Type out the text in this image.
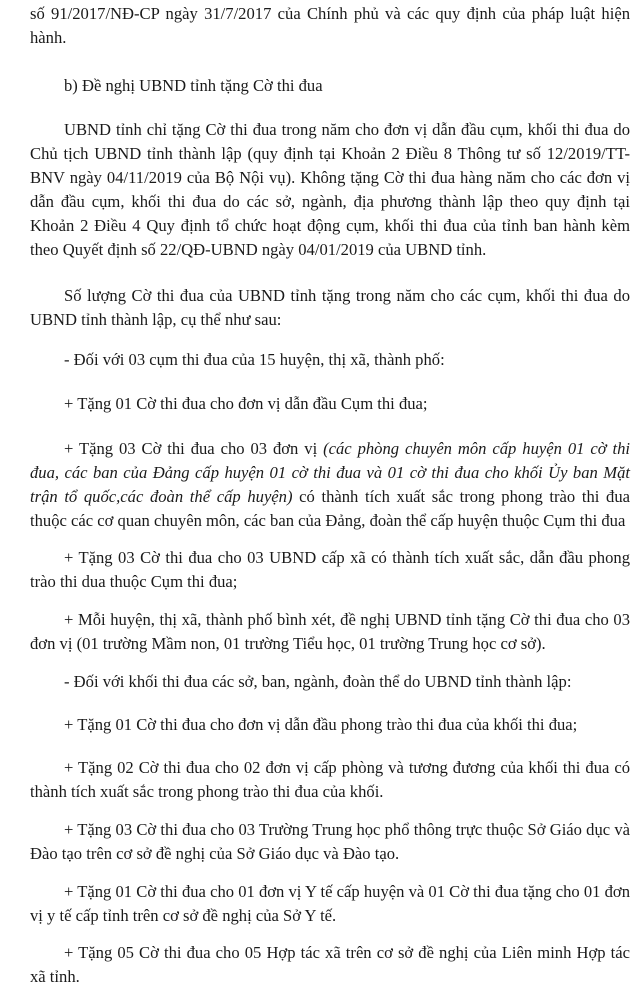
số 91/2017/NĐ-CP ngày 31/7/2017 của Chính phủ và các quy định của pháp luật hiện hành.

b) Đề nghị UBND tỉnh tặng Cờ thi đua

UBND tỉnh chỉ tặng Cờ thi đua trong năm cho đơn vị dẫn đầu cụm, khối thi đua do Chủ tịch UBND tỉnh thành lập (quy định tại Khoản 2 Điều 8 Thông tư số 12/2019/TT-BNV ngày 04/11/2019 của Bộ Nội vụ). Không tặng Cờ thi đua hàng năm cho các đơn vị dẫn đầu cụm, khối thi đua do các sở, ngành, địa phương thành lập theo quy định tại Khoản 2 Điều 4 Quy định tổ chức hoạt động cụm, khối thi đua của tỉnh ban hành kèm theo Quyết định số 22/QĐ-UBND ngày 04/01/2019 của UBND tỉnh.

Số lượng Cờ thi đua của UBND tỉnh tặng trong năm cho các cụm, khối thi đua do UBND tỉnh thành lập, cụ thể như sau:

- Đối với 03 cụm thi đua của 15 huyện, thị xã, thành phố:

+ Tặng 01 Cờ thi đua cho đơn vị dẫn đầu Cụm thi đua;

+ Tặng 03 Cờ thi đua cho 03 đơn vị (các phòng chuyên môn cấp huyện 01 cờ thi đua, các ban của Đảng cấp huyện 01 cờ thi đua và 01 cờ thi đua cho khối Ủy ban Mặt trận tổ quốc,các đoàn thể cấp huyện) có thành tích xuất sắc trong phong trào thi đua thuộc các cơ quan chuyên môn, các ban của Đảng, đoàn thể cấp huyện thuộc Cụm thi đua

+ Tặng 03 Cờ thi đua cho 03 UBND cấp xã có thành tích xuất sắc, dẫn đầu phong trào thi dua thuộc Cụm thi đua;

+ Mỗi huyện, thị xã, thành phố bình xét, đề nghị UBND tỉnh tặng Cờ thi đua cho 03 đơn vị (01 trường Mầm non, 01 trường Tiểu học, 01 trường Trung học cơ sở).

- Đối với khối thi đua các sở, ban, ngành, đoàn thể do UBND tỉnh thành lập:

+ Tặng 01 Cờ thi đua cho đơn vị dẫn đầu phong trào thi đua của khối thi đua;

+ Tặng 02 Cờ thi đua cho 02 đơn vị cấp phòng và tương đương của khối thi đua có thành tích xuất sắc trong phong trào thi đua của khối.

+ Tặng 03 Cờ thi đua cho 03 Trường Trung học phổ thông trực thuộc Sở Giáo dục và Đào tạo trên cơ sở đề nghị của Sở Giáo dục và Đào tạo.

+ Tặng 01 Cờ thi đua cho 01 đơn vị Y tế cấp huyện và 01 Cờ thi đua tặng cho 01 đơn vị y tế cấp tỉnh trên cơ sở đề nghị của Sở Y tế.

+ Tặng 05 Cờ thi đua cho 05 Hợp tác xã trên cơ sở đề nghị của Liên minh Hợp tác xã tỉnh.
